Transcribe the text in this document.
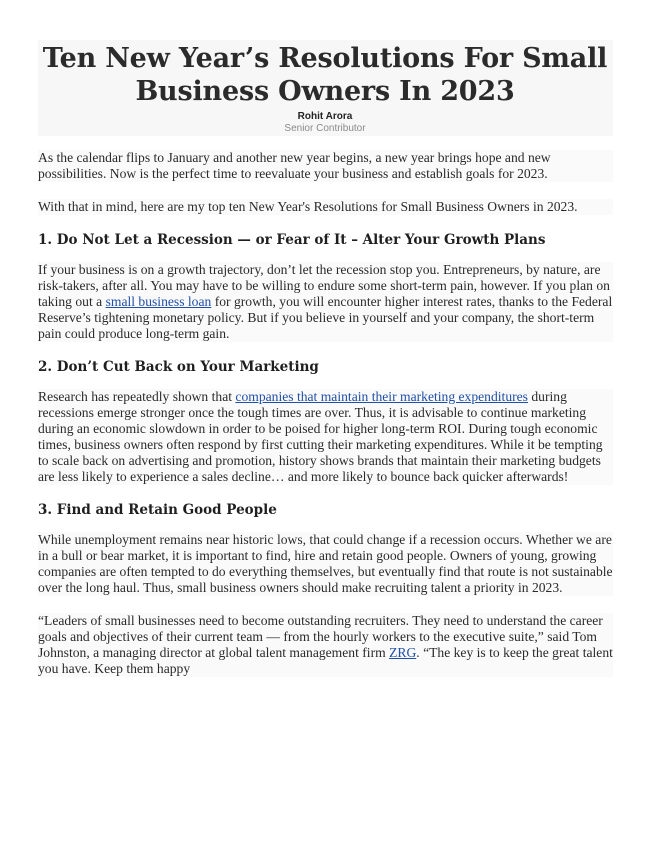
Ten New Year’s Resolutions For Small
Business Owners In 2023
Rohit Arora
Senior Contributor

As the calendar flips to January and another new year begins, a new year brings hope and new possibilities. Now is the perfect time to reevaluate your business and establish goals for 2023.

With that in mind, here are my top ten New Year's Resolutions for Small Business Owners in 2023.

1. Do Not Let a Recession — or Fear of It – Alter Your Growth Plans

If your business is on a growth trajectory, don’t let the recession stop you. Entrepreneurs, by nature, are risk-takers, after all. You may have to be willing to endure some short-term pain, however. If you plan on taking out a small business loan for growth, you will encounter higher interest rates, thanks to the Federal Reserve’s tightening monetary policy. But if you believe in yourself and your company, the short-term pain could produce long-term gain.

2. Don’t Cut Back on Your Marketing

Research has repeatedly shown that companies that maintain their marketing expenditures during recessions emerge stronger once the tough times are over. Thus, it is advisable to continue marketing during an economic slowdown in order to be poised for higher long-term ROI. During tough economic times, business owners often respond by first cutting their marketing expenditures. While it be tempting to scale back on advertising and promotion, history shows brands that maintain their marketing budgets are less likely to experience a sales decline… and more likely to bounce back quicker afterwards!

3. Find and Retain Good People

While unemployment remains near historic lows, that could change if a recession occurs. Whether we are in a bull or bear market, it is important to find, hire and retain good people. Owners of young, growing companies are often tempted to do everything themselves, but eventually find that route is not sustainable over the long haul. Thus, small business owners should make recruiting talent a priority in 2023.

“Leaders of small businesses need to become outstanding recruiters. They need to understand the career goals and objectives of their current team — from the hourly workers to the executive suite,” said Tom Johnston, a managing director at global talent management firm ZRG. “The key is to keep the great talent you have. Keep them happy
